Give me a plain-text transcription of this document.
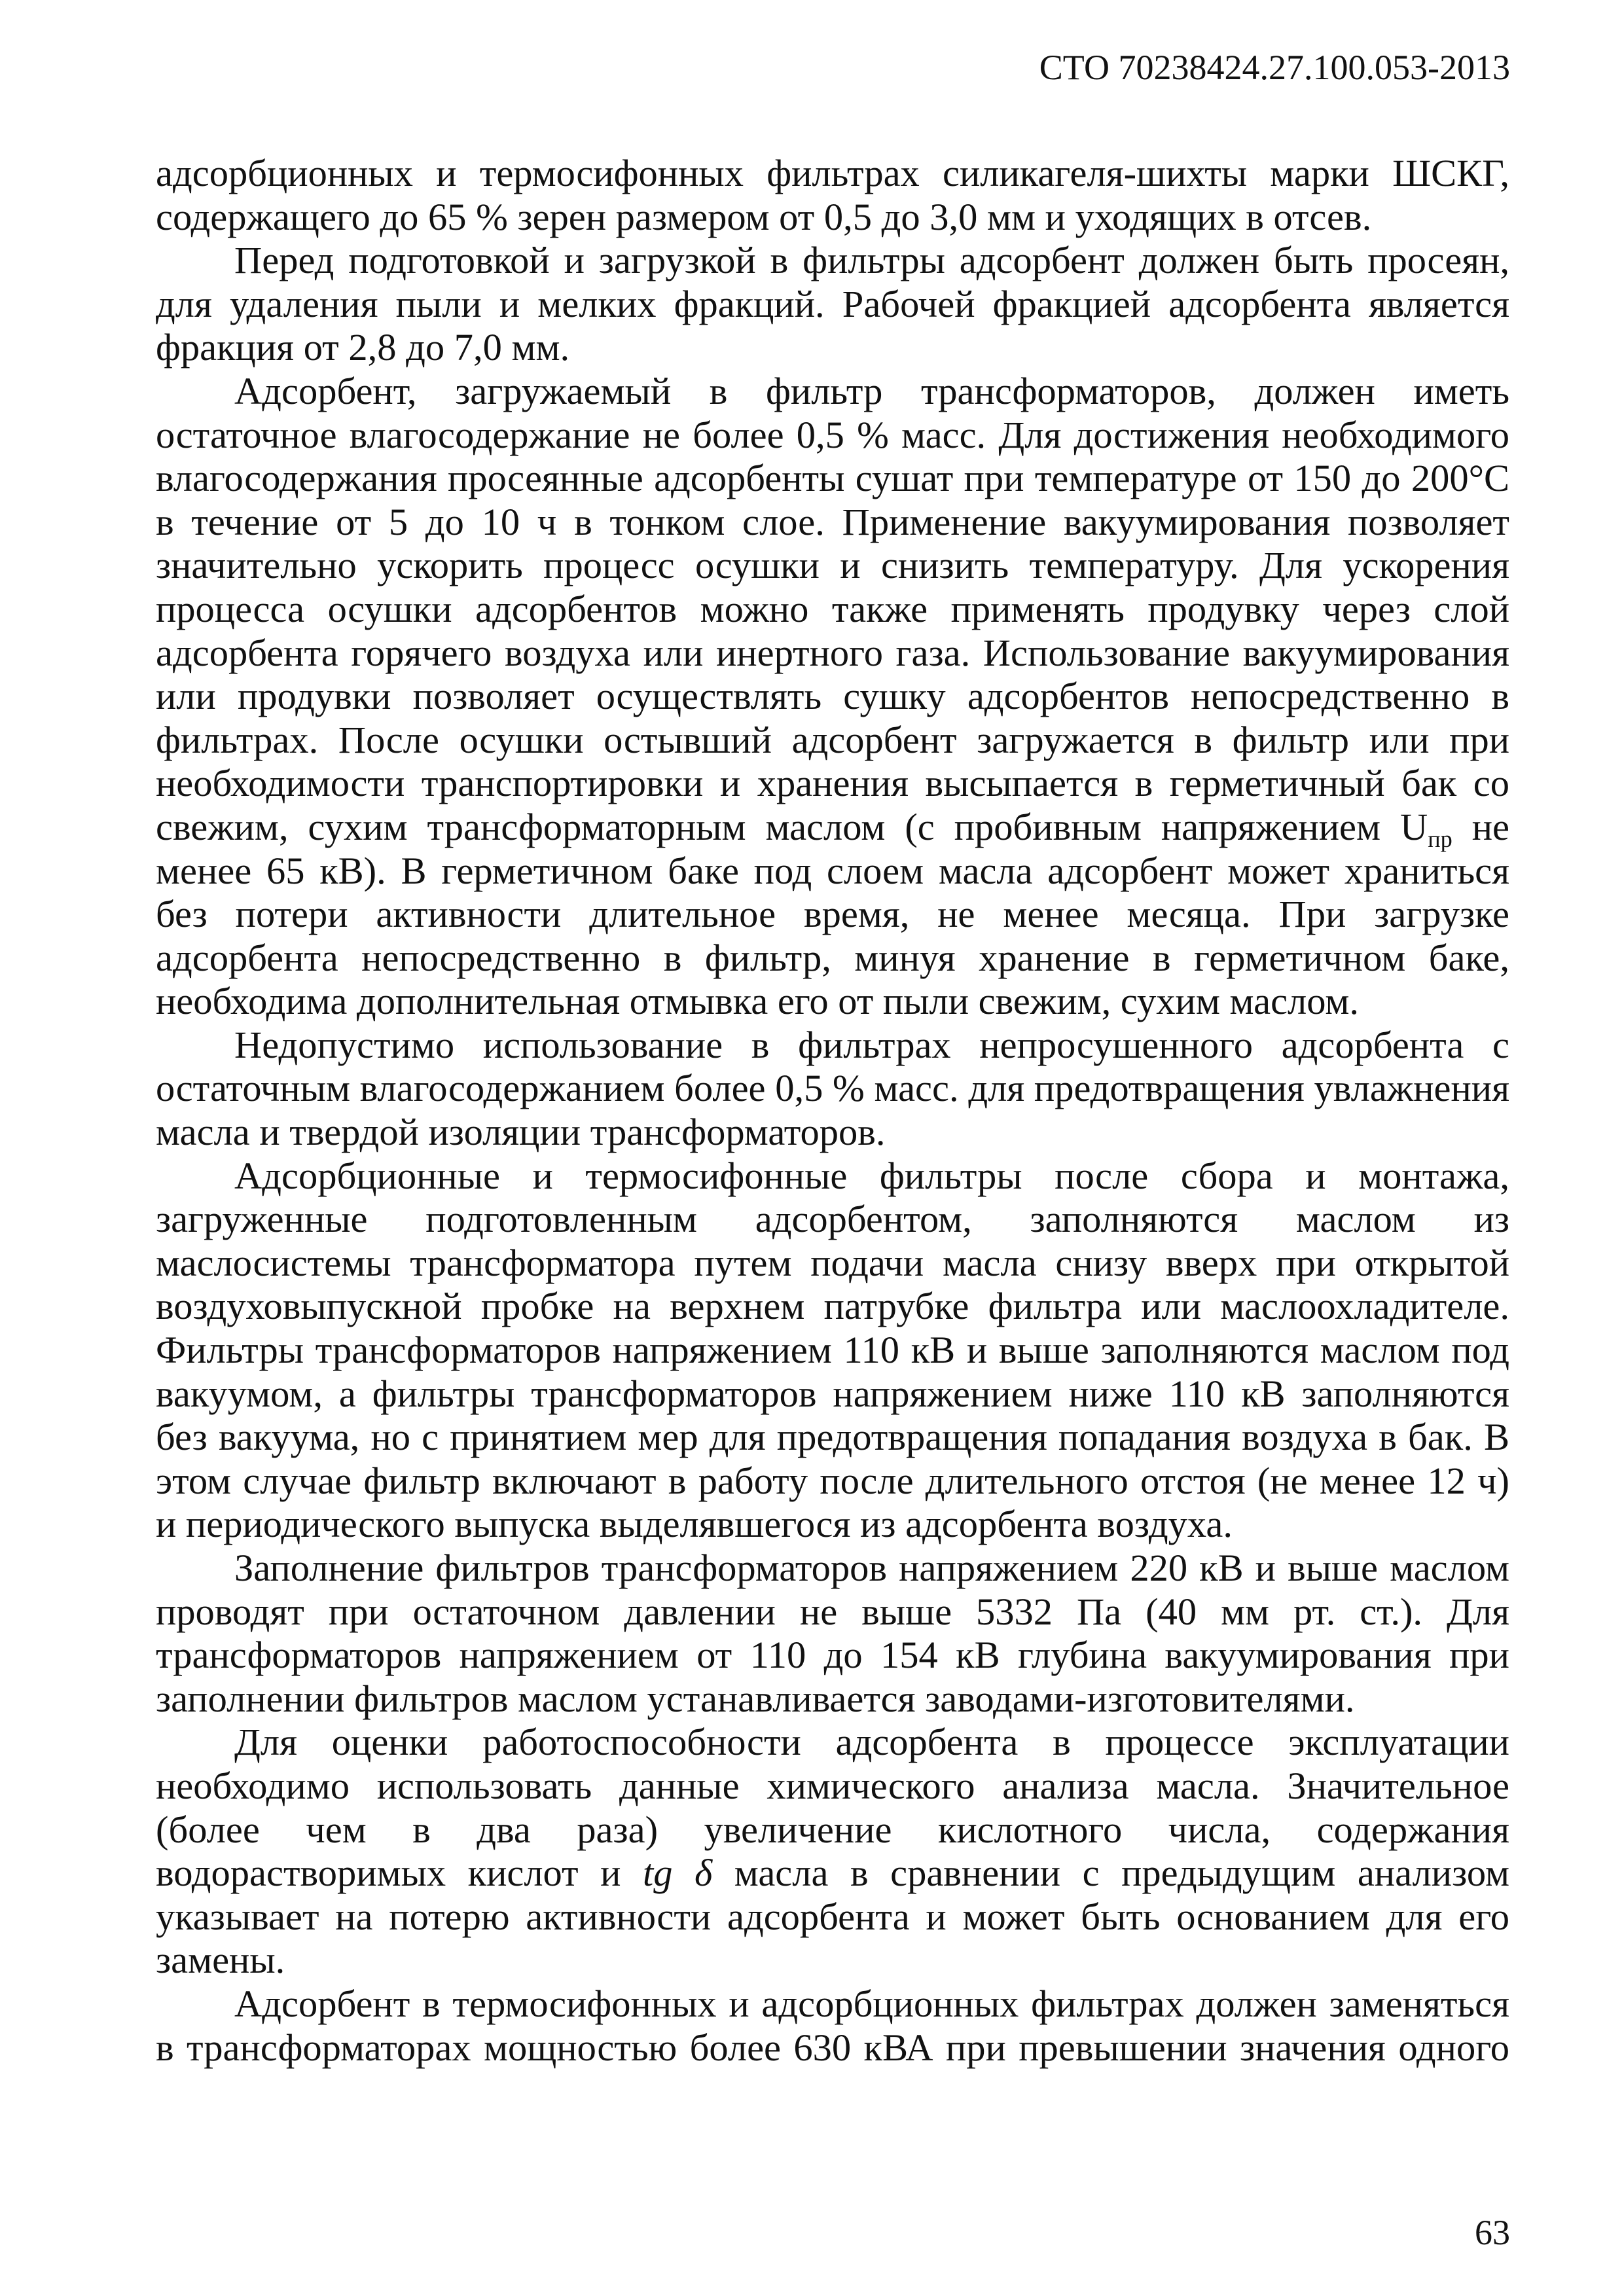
СТО 70238424.27.100.053-2013

адсорбционных и термосифонных фильтрах силикагеля-шихты марки ШСКГ, содержащего до 65 % зерен размером от 0,5 до 3,0 мм и уходящих в отсев.

Перед подготовкой и загрузкой в фильтры адсорбент должен быть просеян, для удаления пыли и мелких фракций. Рабочей фракцией адсорбента является фракция от 2,8 до 7,0 мм.

Адсорбент, загружаемый в фильтр трансформаторов, должен иметь остаточное влагосодержание не более 0,5 % масс. Для достижения необходимого влагосодержания просеянные адсорбенты сушат при температуре от 150 до 200°С в течение от 5 до 10 ч в тонком слое. Применение вакуумирования позволяет значительно ускорить процесс осушки и снизить температуру. Для ускорения процесса осушки адсорбентов можно также применять продувку через слой адсорбента горячего воздуха или инертного газа. Использование вакуумирования или продувки позволяет осуществлять сушку адсорбентов непосредственно в фильтрах. После осушки остывший адсорбент загружается в фильтр или при необходимости транспортировки и хранения высыпается в герметичный бак со свежим, сухим трансформаторным маслом (с пробивным напряжением $U_{пр}$ не менее 65 кВ). В герметичном баке под слоем масла адсорбент может храниться без потери активности длительное время, не менее месяца. При загрузке адсорбента непосредственно в фильтр, минуя хранение в герметичном баке, необходима дополнительная отмывка его от пыли свежим, сухим маслом.

Недопустимо использование в фильтрах непросушенного адсорбента с остаточным влагосодержанием более 0,5 % масс. для предотвращения увлажнения масла и твердой изоляции трансформаторов.

Адсорбционные и термосифонные фильтры после сбора и монтажа, загруженные подготовленным адсорбентом, заполняются маслом из маслосистемы трансформатора путем подачи масла снизу вверх при открытой воздуховыпускной пробке на верхнем патрубке фильтра или маслоохладителе. Фильтры трансформаторов напряжением 110 кВ и выше заполняются маслом под вакуумом, а фильтры трансформаторов напряжением ниже 110 кВ заполняются без вакуума, но с принятием мер для предотвращения попадания воздуха в бак. В этом случае фильтр включают в работу после длительного отстоя (не менее 12 ч) и периодического выпуска выделявшегося из адсорбента воздуха.

Заполнение фильтров трансформаторов напряжением 220 кВ и выше маслом проводят при остаточном давлении не выше 5332 Па (40 мм рт. ст.). Для трансформаторов напряжением от 110 до 154 кВ глубина вакуумирования при заполнении фильтров маслом устанавливается заводами-изготовителями.

Для оценки работоспособности адсорбента в процессе эксплуатации необходимо использовать данные химического анализа масла. Значительное (более чем в два раза) увеличение кислотного числа, содержания водорастворимых кислот и tg δ масла в сравнении с предыдущим анализом указывает на потерю активности адсорбента и может быть основанием для его замены.

Адсорбент в термосифонных и адсорбционных фильтрах должен заменяться в трансформаторах мощностью более 630 кВА при превышении значения одного

63
